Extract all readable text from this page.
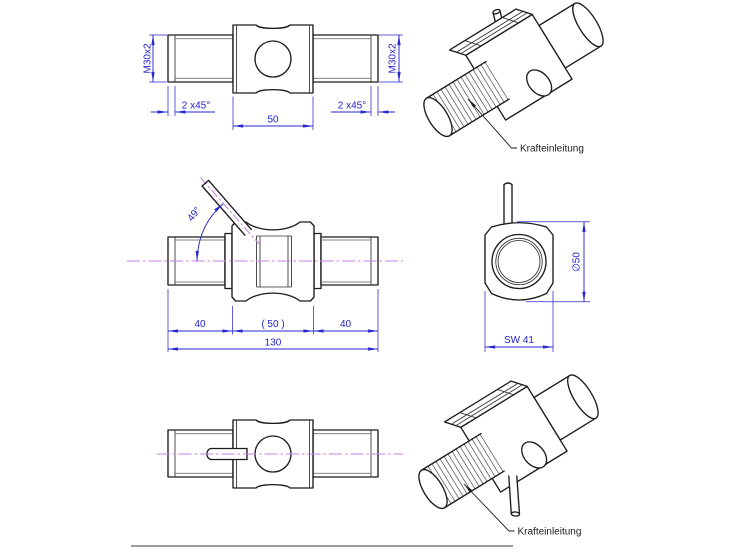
M30x2	M30x2
2 x45°	2 x45°
50
49°
40	( 50 )	40
130
∅50
SW 41
Krafteinleitung
Krafteinleitung
